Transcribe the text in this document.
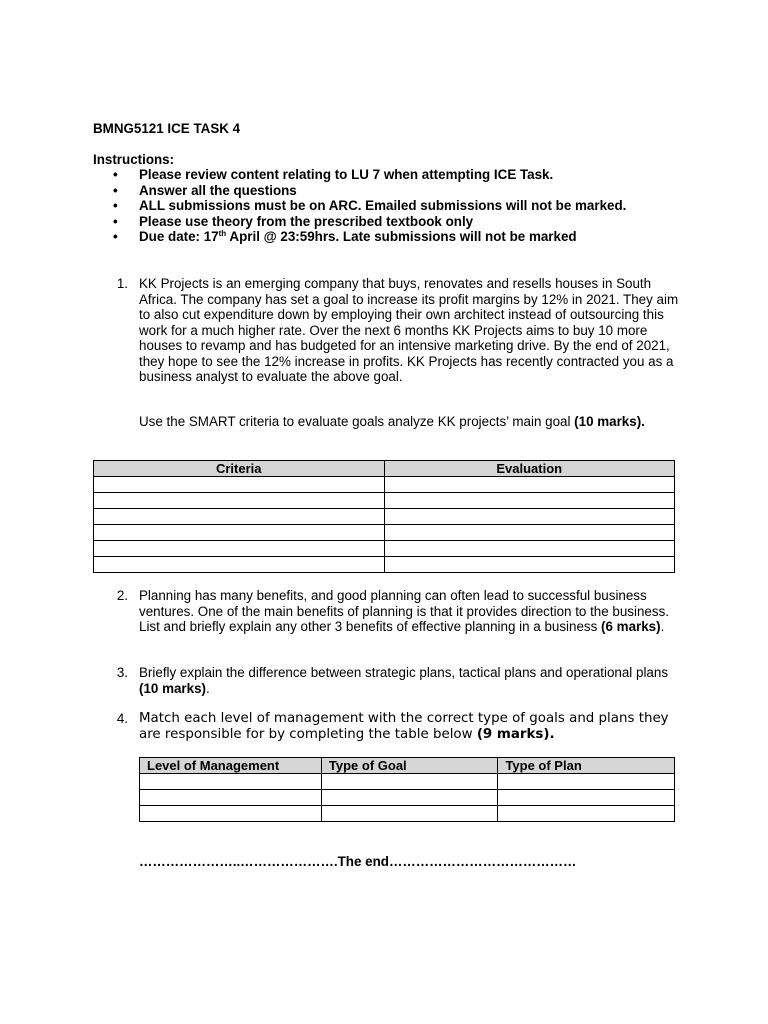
BMNG5121 ICE TASK 4
Instructions:
• Please review content relating to LU 7 when attempting ICE Task.
• Answer all the questions
• ALL submissions must be on ARC. Emailed submissions will not be marked.
• Please use theory from the prescribed textbook only
• Due date: 17th April @ 23:59hrs. Late submissions will not be marked
1. KK Projects is an emerging company that buys, renovates and resells houses in South Africa. The company has set a goal to increase its profit margins by 12% in 2021. They aim to also cut expenditure down by employing their own architect instead of outsourcing this work for a much higher rate. Over the next 6 months KK Projects aims to buy 10 more houses to revamp and has budgeted for an intensive marketing drive. By the end of 2021, they hope to see the 12% increase in profits. KK Projects has recently contracted you as a business analyst to evaluate the above goal.
Use the SMART criteria to evaluate goals analyze KK projects’ main goal (10 marks).
Criteria	Evaluation

2. Planning has many benefits, and good planning can often lead to successful business ventures. One of the main benefits of planning is that it provides direction to the business. List and briefly explain any other 3 benefits of effective planning in a business (6 marks).
3. Briefly explain the difference between strategic plans, tactical plans and operational plans (10 marks).
4. Match each level of management with the correct type of goals and plans they are responsible for by completing the table below (9 marks).
Level of Management	Type of Goal	Type of Plan

…………………..………………….The end……………………………………
